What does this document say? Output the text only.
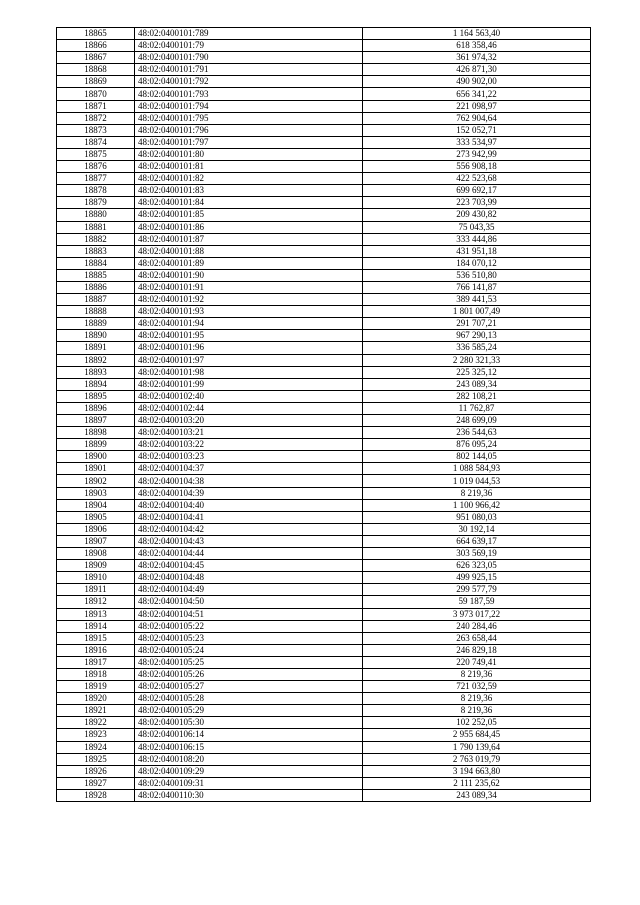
18865	48:02:0400101:789	1 164 563,40
18866	48:02:0400101:79	618 358,46
18867	48:02:0400101:790	361 974,32
18868	48:02:0400101:791	426 871,30
18869	48:02:0400101:792	490 902,00
18870	48:02:0400101:793	656 341,22
18871	48:02:0400101:794	221 098,97
18872	48:02:0400101:795	762 904,64
18873	48:02:0400101:796	152 052,71
18874	48:02:0400101:797	333 534,97
18875	48:02:0400101:80	273 942,99
18876	48:02:0400101:81	556 908,18
18877	48:02:0400101:82	422 523,68
18878	48:02:0400101:83	699 692,17
18879	48:02:0400101:84	223 703,99
18880	48:02:0400101:85	209 430,82
18881	48:02:0400101:86	75 043,35
18882	48:02:0400101:87	333 444,86
18883	48:02:0400101:88	431 951,18
18884	48:02:0400101:89	184 070,12
18885	48:02:0400101:90	536 510,80
18886	48:02:0400101:91	766 141,87
18887	48:02:0400101:92	389 441,53
18888	48:02:0400101:93	1 801 007,49
18889	48:02:0400101:94	291 707,21
18890	48:02:0400101:95	967 290,13
18891	48:02:0400101:96	336 585,24
18892	48:02:0400101:97	2 280 321,33
18893	48:02:0400101:98	225 325,12
18894	48:02:0400101:99	243 089,34
18895	48:02:0400102:40	282 108,21
18896	48:02:0400102:44	11 762,87
18897	48:02:0400103:20	248 699,09
18898	48:02:0400103:21	236 544,63
18899	48:02:0400103:22	876 095,24
18900	48:02:0400103:23	802 144,05
18901	48:02:0400104:37	1 088 584,93
18902	48:02:0400104:38	1 019 044,53
18903	48:02:0400104:39	8 219,36
18904	48:02:0400104:40	1 100 966,42
18905	48:02:0400104:41	951 080,03
18906	48:02:0400104:42	30 192,14
18907	48:02:0400104:43	664 639,17
18908	48:02:0400104:44	303 569,19
18909	48:02:0400104:45	626 323,05
18910	48:02:0400104:48	499 925,15
18911	48:02:0400104:49	299 577,79
18912	48:02:0400104:50	59 187,59
18913	48:02:0400104:51	3 973 017,22
18914	48:02:0400105:22	240 284,46
18915	48:02:0400105:23	263 658,44
18916	48:02:0400105:24	246 829,18
18917	48:02:0400105:25	220 749,41
18918	48:02:0400105:26	8 219,36
18919	48:02:0400105:27	721 032,59
18920	48:02:0400105:28	8 219,36
18921	48:02:0400105:29	8 219,36
18922	48:02:0400105:30	102 252,05
18923	48:02:0400106:14	2 955 684,45
18924	48:02:0400106:15	1 790 139,64
18925	48:02:0400108:20	2 763 019,79
18926	48:02:0400109:29	3 194 663,80
18927	48:02:0400109:31	2 111 235,62
18928	48:02:0400110:30	243 089,34
